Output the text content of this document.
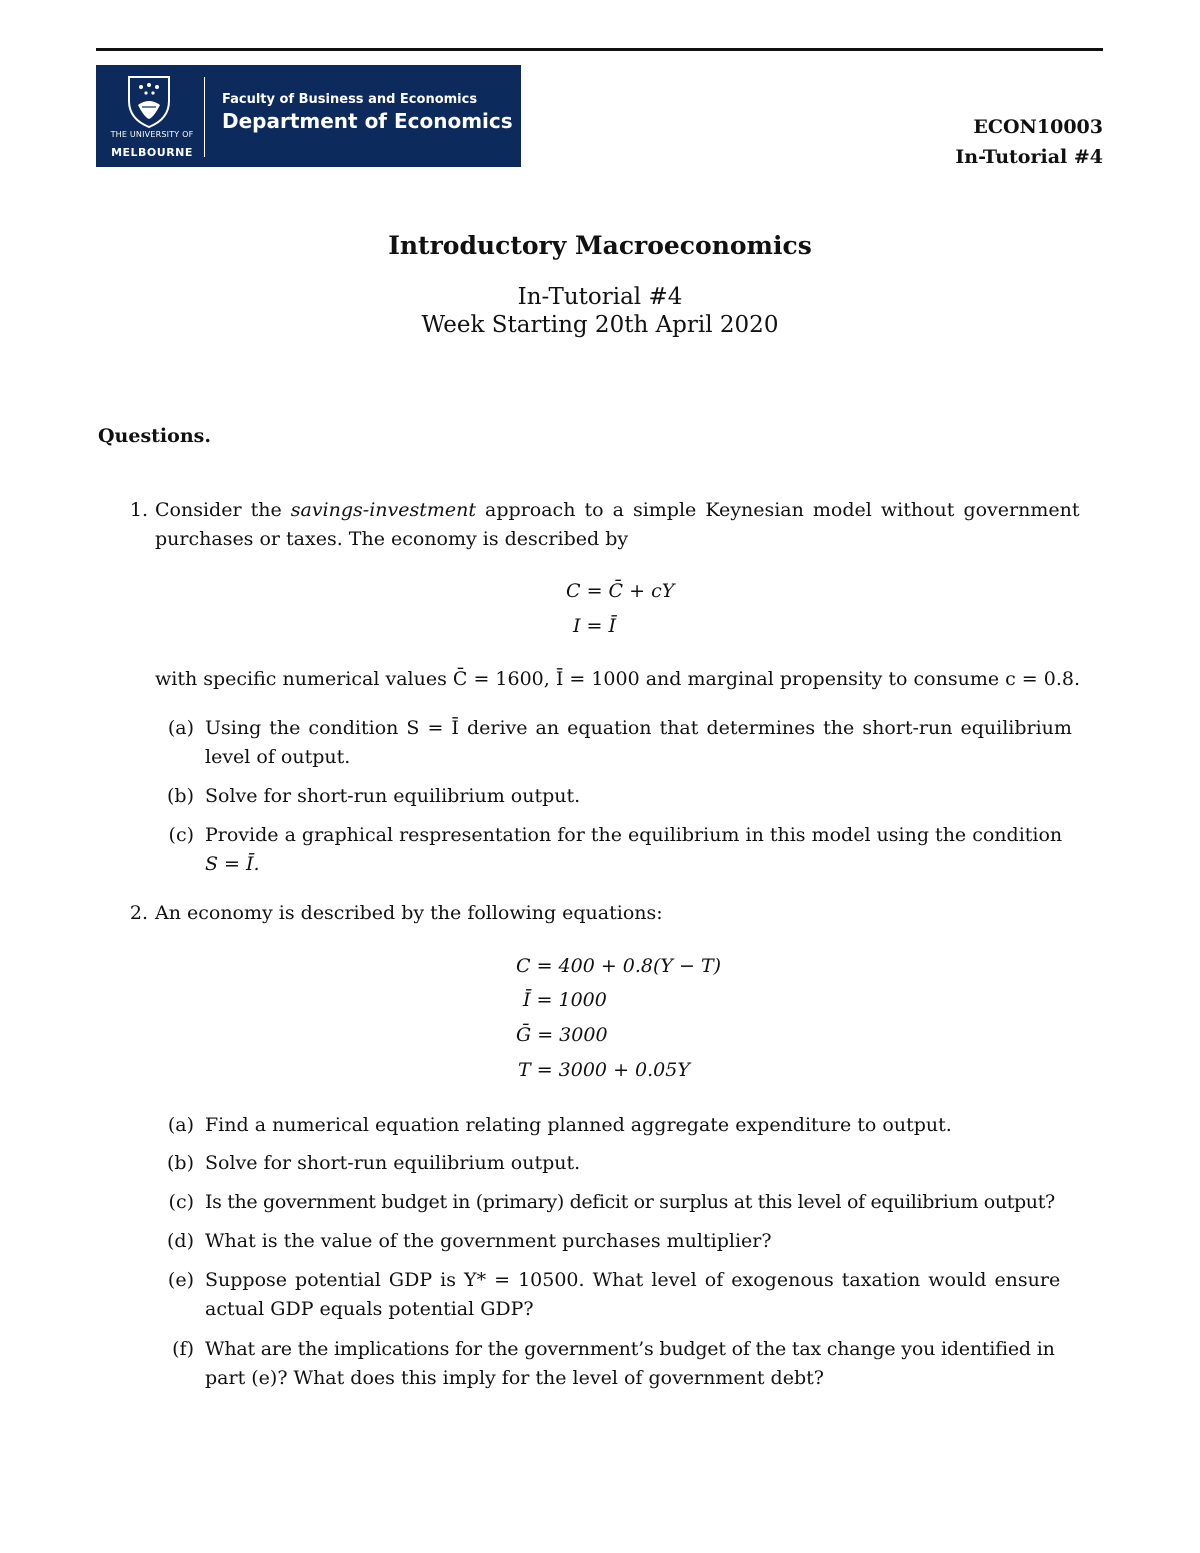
THE UNIVERSITY OF
MELBOURNE
Faculty of Business and Economics
Department of Economics	ECON10003
In-Tutorial #4
Introductory Macroeconomics
In-Tutorial #4
Week Starting 20th April 2020
Questions.
1. Consider the savings-investment approach to a simple Keynesian model without government
purchases or taxes. The economy is described by
C = C̄ + cY
I = Ī
with specific numerical values C̄ = 1600, Ī = 1000 and marginal propensity to consume c = 0.8.
(a) Using the condition S = Ī derive an equation that determines the short-run equilibrium
level of output.
(b) Solve for short-run equilibrium output.
(c) Provide a graphical respresentation for the equilibrium in this model using the condition
S = Ī.
2. An economy is described by the following equations:
C = 400 + 0.8(Y − T)
Ī = 1000
Ḡ = 3000
T = 3000 + 0.05Y
(a) Find a numerical equation relating planned aggregate expenditure to output.
(b) Solve for short-run equilibrium output.
(c) Is the government budget in (primary) deficit or surplus at this level of equilibrium output?
(d) What is the value of the government purchases multiplier?
(e) Suppose potential GDP is Y* = 10500. What level of exogenous taxation would ensure
actual GDP equals potential GDP?
(f) What are the implications for the government’s budget of the tax change you identified in
part (e)? What does this imply for the level of government debt?
